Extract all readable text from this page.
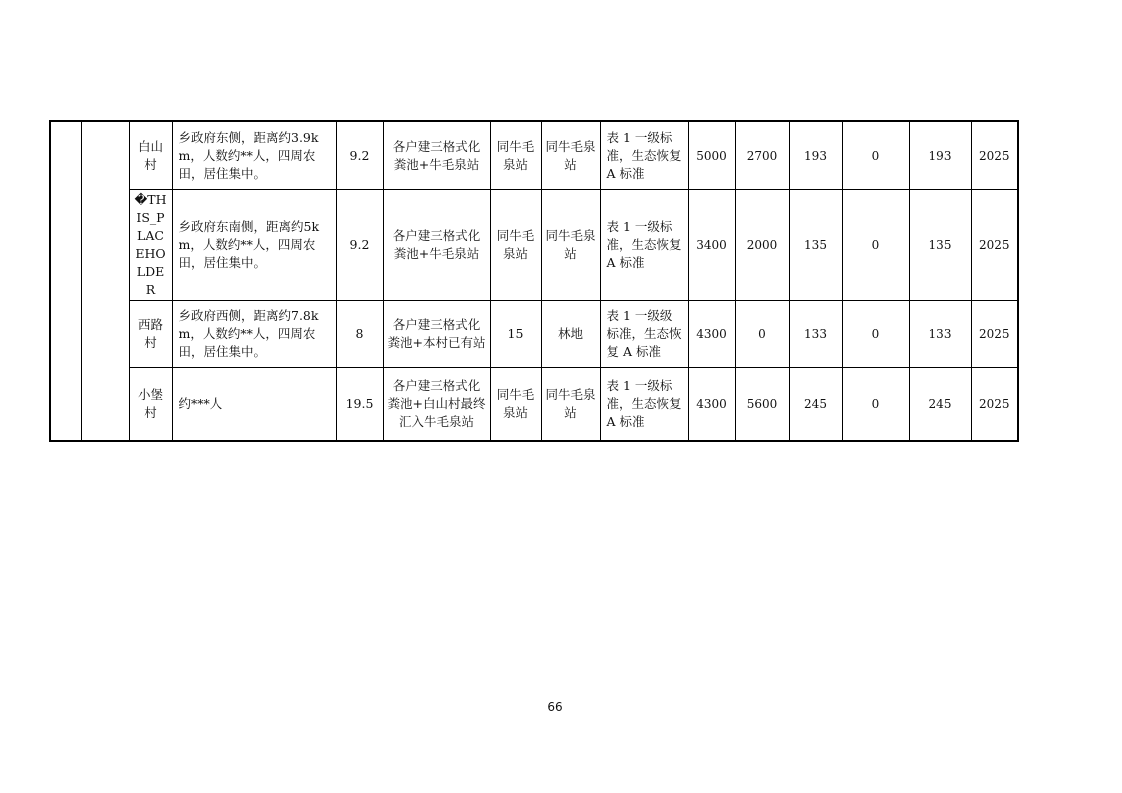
		白山村	乡政府东侧，距离约3.9km，人数约**人，四周农田，居住集中。	9.2	各户建三格式化粪池+牛毛泉站	同牛毛泉站	同牛毛泉站	表 1 一级标准，生态恢复 A 标准	5000	2700	193	0	193	2025
		�THIS_PLACEHOLDER	乡政府东南侧，距离约5km，人数约**人，四周农田，居住集中。	9.2	各户建三格式化粪池+牛毛泉站	同牛毛泉站	同牛毛泉站	表 1 一级标准，生态恢复 A 标准	3400	2000	135	0	135	2025
		西路村	乡政府西侧，距离约7.8km，人数约**人，四周农田，居住集中。	8	各户建三格式化粪池+本村已有站	15	林地	表 1 一级级标准，生态恢复 A 标准	4300	0	133	0	133	2025
		小堡村	约***人	19.5	各户建三格式化粪池+白山村最终汇入牛毛泉站	同牛毛泉站	同牛毛泉站	表 1 一级标准，生态恢复 A 标准	4300	5600	245	0	245	2025
66
